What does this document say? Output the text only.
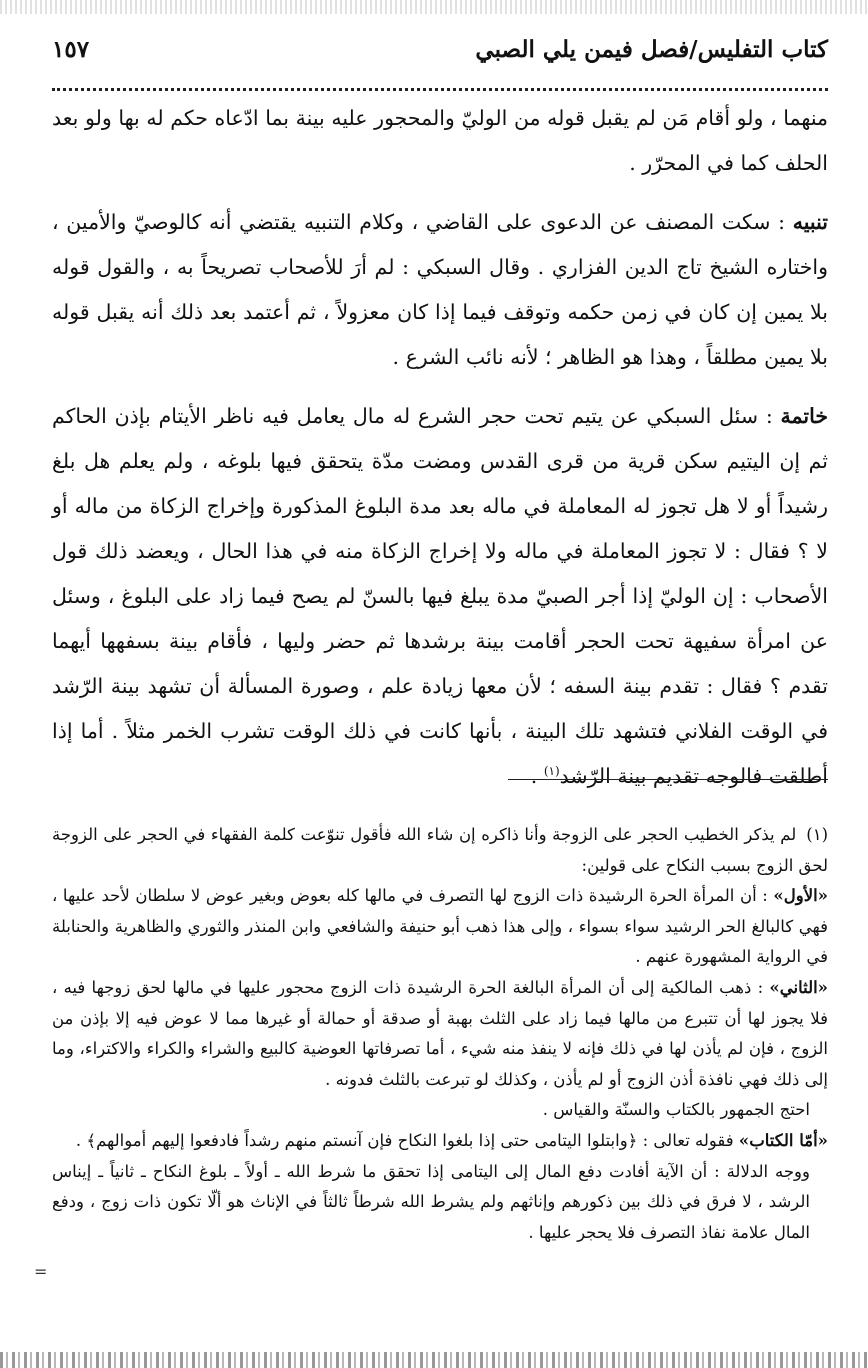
كتاب التفليس/فصل فيمن يلي الصبي
١٥٧

منهما ، ولو أقام مَن لم يقبل قوله من الوليّ والمحجور عليه بينة بما ادّعاه حكم له بها ولو بعد الحلف كما في المحرّر .

تنبيه : سكت المصنف عن الدعوى على القاضي ، وكلام التنبيه يقتضي أنه كالوصيّ والأمين ، واختاره الشيخ تاج الدين الفزاري . وقال السبكي : لم أرَ للأصحاب تصريحاً به ، والقول قوله بلا يمين إن كان في زمن حكمه وتوقف فيما إذا كان معزولاً ، ثم أعتمد بعد ذلك أنه يقبل قوله بلا يمين مطلقاً ، وهذا هو الظاهر ؛ لأنه نائب الشرع .

خاتمة : سئل السبكي عن يتيم تحت حجر الشرع له مال يعامل فيه ناظر الأيتام بإذن الحاكم ثم إن اليتيم سكن قرية من قرى القدس ومضت مدّة يتحقق فيها بلوغه ، ولم يعلم هل بلغ رشيداً أو لا هل تجوز له المعاملة في ماله بعد مدة البلوغ المذكورة وإخراج الزكاة من ماله أو لا ؟ فقال : لا تجوز المعاملة في ماله ولا إخراج الزكاة منه في هذا الحال ، ويعضد ذلك قول الأصحاب : إن الوليّ إذا أجر الصبيّ مدة يبلغ فيها بالسنّ لم يصح فيما زاد على البلوغ ، وسئل عن امرأة سفيهة تحت الحجر أقامت بينة برشدها ثم حضر وليها ، فأقام بينة بسفهها أيهما تقدم ؟ فقال : تقدم بينة السفه ؛ لأن معها زيادة علم ، وصورة المسألة أن تشهد بينة الرّشد في الوقت الفلاني فتشهد تلك البينة ، بأنها كانت في ذلك الوقت تشرب الخمر مثلاً . أما إذا أطلقت فالوجه تقديم بينة الرّشد$^{(١)}$ .

(١)لم يذكر الخطيب الحجر على الزوجة وأنا ذاكره إن شاء الله فأقول تنوّعت كلمة الفقهاء في الحجر على الزوجة لحق الزوج بسبب النكاح على قولين:

«الأول» : أن المرأة الحرة الرشيدة ذات الزوج لها التصرف في مالها كله بعوض وبغير عوض لا سلطان لأحد عليها ، فهي كالبالغ الحر الرشيد سواء بسواء ، وإلى هذا ذهب أبو حنيفة والشافعي وابن المنذر والثوري والظاهرية والحنابلة في الرواية المشهورة عنهم .

«الثاني» : ذهب المالكية إلى أن المرأة البالغة الحرة الرشيدة ذات الزوج محجور عليها في مالها لحق زوجها فيه ، فلا يجوز لها أن تتبرع من مالها فيما زاد على الثلث بهبة أو صدقة أو حمالة أو غيرها مما لا عوض فيه إلا بإذن من الزوج ، فإن لم يأذن لها في ذلك فإنه لا ينفذ منه شيء ، أما تصرفاتها العوضية كالبيع والشراء والكراء والاكتراء، وما إلى ذلك فهي نافذة أذن الزوج أو لم يأذن ، وكذلك لو تبرعت بالثلث فدونه .

احتج الجمهور بالكتاب والسنّة والقياس .

«أمّا الكتاب» فقوله تعالى : ﴿وابتلوا اليتامى حتى إذا بلغوا النكاح فإن آنستم منهم رشداً فادفعوا إليهم أموالهم﴾ .

ووجه الدلالة : أن الآية أفادت دفع المال إلى اليتامى إذا تحقق ما شرط الله ـ أولاً ـ بلوغ النكاح ـ ثانياً ـ إيناس الرشد ، لا فرق في ذلك بين ذكورهم وإناثهم ولم يشرط الله شرطاً ثالثاً في الإناث هو ألّا تكون ذات زوج ، ودفع المال علامة نفاذ التصرف فلا يحجر عليها .

=
